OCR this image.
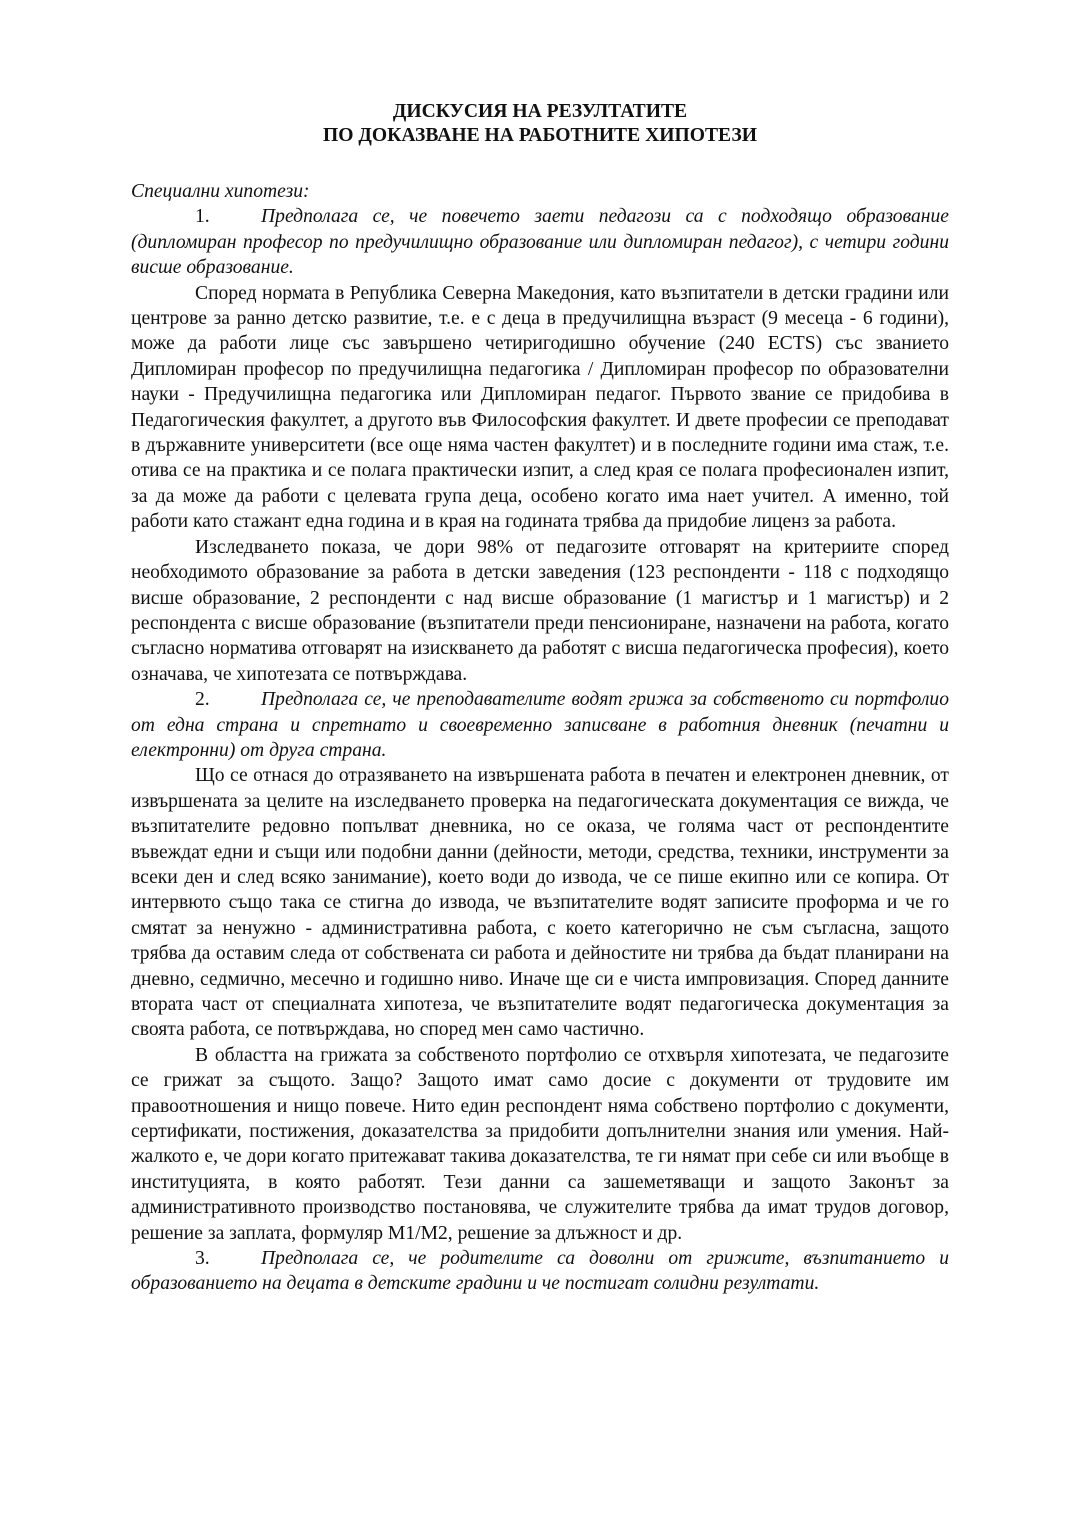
ДИСКУСИЯ НА РЕЗУЛТАТИТЕ

ПО ДОКАЗВАНЕ НА РАБОТНИТЕ ХИПОТЕЗИ

Специални хипотези:

1.	Предполага се, че повечето заети педагози са с подходящо образование (дипломиран професор по предучилищно образование или дипломиран педагог), с четири години висше образование.

Според нормата в Република Северна Македония, като възпитатели в детски градини или центрове за ранно детско развитие, т.е. е с деца в предучилищна възраст (9 месеца - 6 години), може да работи лице със завършено четиригодишно обучение (240 ECTS) със званието Дипломиран професор по предучилищна педагогика / Дипломиран професор по образователни науки - Предучилищна педагогика или Дипломиран педагог. Първото звание се придобива в Педагогическия факултет, а другото във Философския факултет. И двете професии се преподават в държавните университети (все още няма частен факултет) и в последните години има стаж, т.е. отива се на практика и се полага практически изпит, а след края се полага професионален изпит, за да може да работи с целевата група деца, особено когато има нает учител. А именно, той работи като стажант една година и в края на годината трябва да придобие лиценз за работа.

Изследването показа, че дори 98% от педагозите отговарят на критериите според необходимото образование за работа в детски заведения (123 респонденти - 118 с подходящо висше образование, 2 респонденти с над висше образование (1 магистър и 1 магистър) и 2 респондента с висше образование (възпитатели преди пенсиониране, назначени на работа, когато съгласно норматива отговарят на изискването да работят с висша педагогическа професия), което означава, че хипотезата се потвърждава.

2.	Предполага се, че преподавателите водят грижа за собственото си портфолио от една страна и спретнато и своевременно записване в работния дневник (печатни и електронни) от друга страна.

Що се отнася до отразяването на извършената работа в печатен и електронен дневник, от извършената за целите на изследването проверка на педагогическата документация се вижда, че възпитателите редовно попълват дневника, но се оказа, че голяма част от респондентите въвеждат едни и същи или подобни данни (дейности, методи, средства, техники, инструменти за всеки ден и след всяко занимание), което води до извода, че се пише екипно или се копира. От интервюто също така се стигна до извода, че възпитателите водят записите проформа и че го смятат за ненужно - административна работа, с което категорично не съм съгласна, защото трябва да оставим следа от собствената си работа и дейностите ни трябва да бъдат планирани на дневно, седмично, месечно и годишно ниво. Иначе ще си е чиста импровизация. Според данните втората част от специалната хипотеза, че възпитателите водят педагогическа документация за своята работа, се потвърждава, но според мен само частично.

В областта на грижата за собственото портфолио се отхвърля хипотезата, че педагозите се грижат за същото. Защо? Защото имат само досие с документи от трудовите им правоотношения и нищо повече. Нито един респондент няма собствено портфолио с документи, сертификати, постижения, доказателства за придобити допълнителни знания или умения. Най-жалкото е, че дори когато притежават такива доказателства, те ги нямат при себе си или въобще в институцията, в която работят. Тези данни са зашеметяващи и защото Законът за административното производство постановява, че служителите трябва да имат трудов договор, решение за заплата, формуляр М1/М2, решение за длъжност и др.

3.	Предполага се, че родителите са доволни от грижите, възпитанието и образованието на децата в детските градини и че постигат солидни резултати.
